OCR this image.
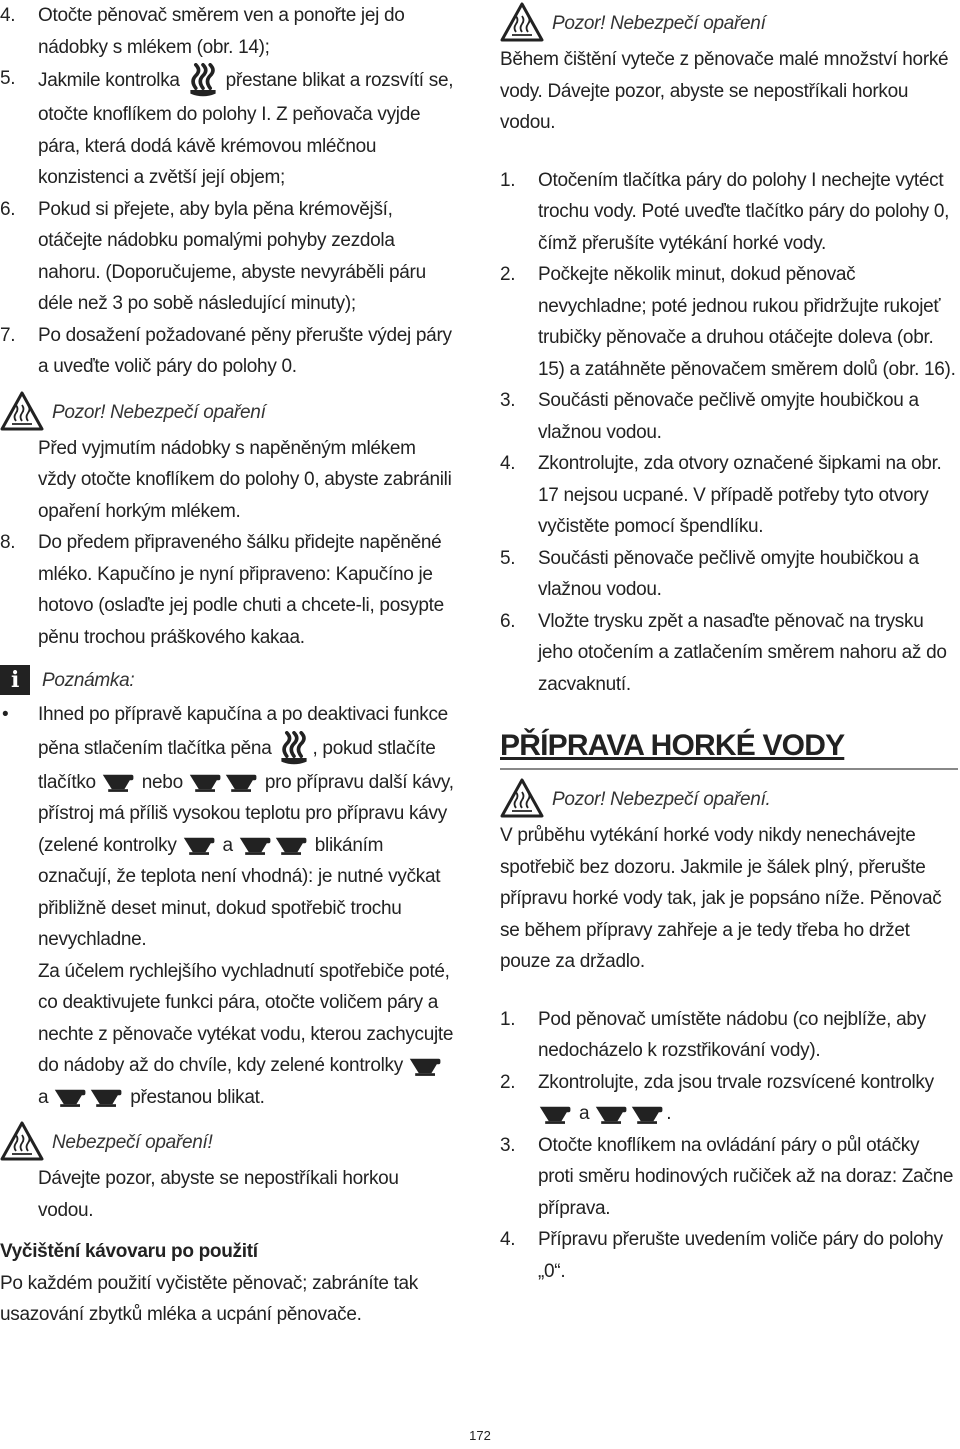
4. Otočte pěnovač směrem ven a ponořte jej do nádobky s mlékem (obr. 14);
5. Jakmile kontrolka přestane blikat a rozsvítí se, otočte knoflíkem do polohy I. Z peňovača vyjde pára, která dodá kávě krémovou mléčnou konzistenci a zvětší její objem;
6. Pokud si přejete, aby byla pěna krémovější, otáčejte nádobku pomalými pohyby zezdola nahoru. (Doporučujeme, abyste nevyráběli páru déle než 3 po sobě následující minuty);
7. Po dosažení požadované pěny přerušte výdej páry a uveďte volič páry do polohy 0.
Pozor! Nebezpečí opaření
Před vyjmutím nádobky s napěněným mlékem vždy otočte knoflíkem do polohy 0, abyste zabránili opaření horkým mlékem.
8. Do předem připraveného šálku přidejte napěněné mléko. Kapučíno je nyní připraveno: Kapučíno je hotovo (oslaďte jej podle chuti a chcete-li, posypte pěnu trochou práškového kakaa.
i	Poznámka:
• Ihned po přípravě kapučína a po deaktivaci funkce pěna stlačením tlačítka pěna , pokud stlačíte tlačítko nebo	pro přípravu další kávy, přístroj má příliš vysokou teplotu pro přípravu kávy (zelené kontrolky a	blikáním označují, že teplota není vhodná): je nutné vyčkat přibližně deset minut, dokud spotřebič trochu nevychladne.
Za účelem rychlejšího vychladnutí spotřebiče poté, co deaktivujete funkci pára, otočte voličem páry a nechte z pěnovače vytékat vodu, kterou zachycujte do nádoby až do chvíle, kdy zelené kontrolky  a	přestanou blikat.
Nebezpečí opaření!
Dávejte pozor, abyste se nepostříkali horkou vodou.
Vyčištění kávovaru po použití
Po každém použití vyčistěte pěnovač; zabráníte tak usazování zbytků mléka a ucpání pěnovače.
Pozor! Nebezpečí opaření
Během čištění vyteče z pěnovače malé množství horké vody. Dávejte pozor, abyste se nepostříkali horkou vodou.
1. Otočením tlačítka páry do polohy I nechejte vytéct trochu vody. Poté uveďte tlačítko páry do polohy 0, čímž přerušíte vytékání horké vody.
2. Počkejte několik minut, dokud pěnovač nevychladne; poté jednou rukou přidržujte rukojeť trubičky pěnovače a druhou otáčejte doleva (obr. 15) a zatáhněte pěnovačem směrem dolů (obr. 16).
3. Součásti pěnovače pečlivě omyjte houbičkou a vlažnou vodou.
4. Zkontrolujte, zda otvory označené šipkami na obr. 17 nejsou ucpané. V případě potřeby tyto otvory vyčistěte pomocí špendlíku.
5. Součásti pěnovače pečlivě omyjte houbičkou a vlažnou vodou.
6. Vložte trysku zpět a nasaďte pěnovač na trysku jeho otočením a zatlačením směrem nahoru až do zacvaknutí.
PŘÍPRAVA HORKÉ VODY
Pozor! Nebezpečí opaření.
V průběhu vytékání horké vody nikdy nenechávejte spotřebič bez dozoru. Jakmile je šálek plný, přerušte přípravu horké vody tak, jak je popsáno níže. Pěnovač se během přípravy zahřeje a je tedy třeba ho držet pouze za držadlo.
1. Pod pěnovač umístěte nádobu (co nejblíže, aby nedocházelo k rozstřikování vody).
2. Zkontrolujte, zda jsou trvale rozsvícené kontrolky  a	.
3. Otočte knoflíkem na ovládání páry o půl otáčky proti směru hodinových ručiček až na doraz: Začne příprava.
4. Přípravu přerušte uvedením voliče páry do polohy „0“.
172
